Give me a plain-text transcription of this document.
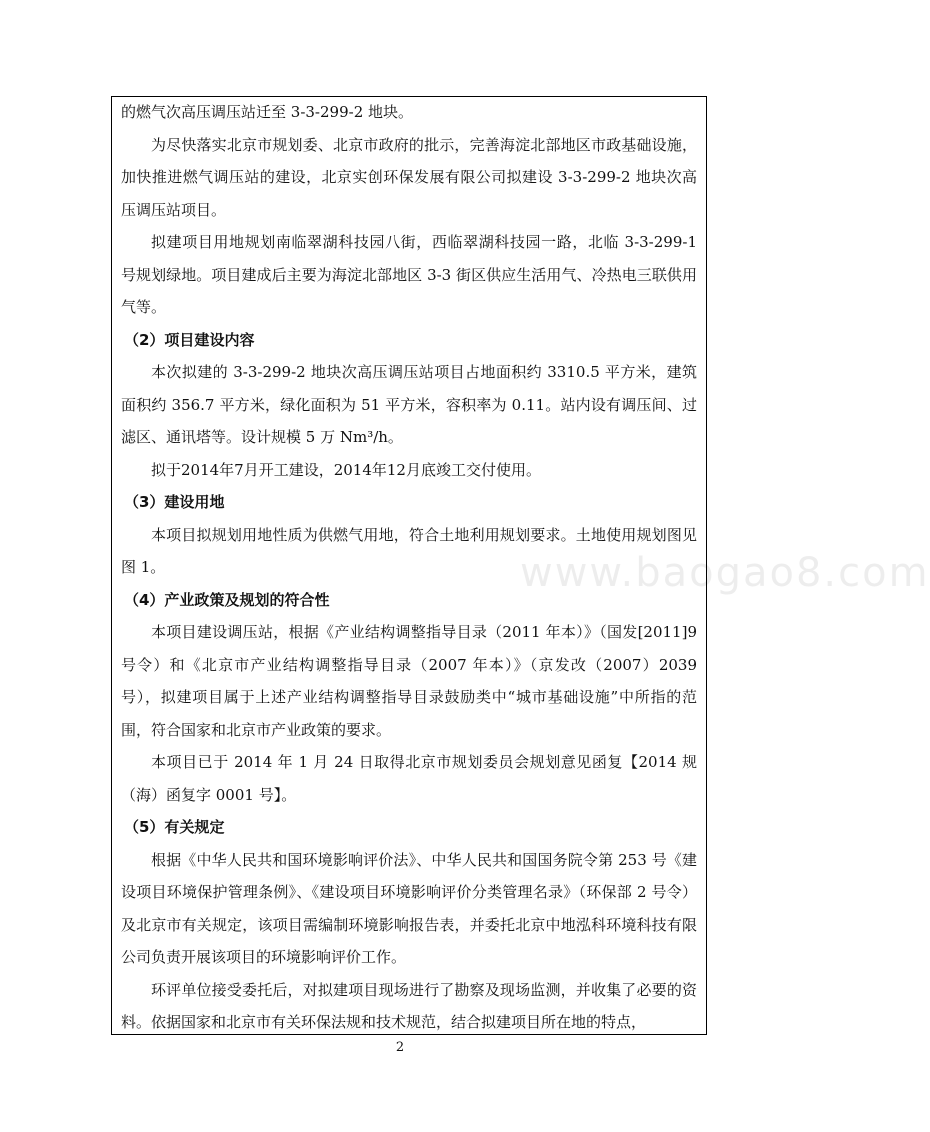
的燃气次高压调压站迁至 3-3-299-2 地块。

为尽快落实北京市规划委、北京市政府的批示，完善海淀北部地区市政基础设施，加快推进燃气调压站的建设，北京实创环保发展有限公司拟建设 3-3-299-2 地块次高压调压站项目。

拟建项目用地规划南临翠湖科技园八街，西临翠湖科技园一路，北临 3-3-299-1 号规划绿地。项目建成后主要为海淀北部地区 3-3 街区供应生活用气、冷热电三联供用气等。

（2）项目建设内容

本次拟建的 3-3-299-2 地块次高压调压站项目占地面积约 3310.5 平方米，建筑面积约 356.7 平方米，绿化面积为 51 平方米，容积率为 0.11。站内设有调压间、过滤区、通讯塔等。设计规模 5 万 Nm³/h。

拟于2014年7月开工建设，2014年12月底竣工交付使用。

（3）建设用地

本项目拟规划用地性质为供燃气用地，符合土地利用规划要求。土地使用规划图见图 1。

（4）产业政策及规划的符合性

本项目建设调压站，根据《产业结构调整指导目录（2011 年本）》（国发[2011]9 号令）和《北京市产业结构调整指导目录（2007 年本）》（京发改（2007）2039 号），拟建项目属于上述产业结构调整指导目录鼓励类中“城市基础设施”中所指的范围，符合国家和北京市产业政策的要求。

本项目已于 2014 年 1 月 24 日取得北京市规划委员会规划意见函复【2014 规（海）函复字 0001 号】。

（5）有关规定

根据《中华人民共和国环境影响评价法》、中华人民共和国国务院令第 253 号《建设项目环境保护管理条例》、《建设项目环境影响评价分类管理名录》（环保部 2 号令）及北京市有关规定，该项目需编制环境影响报告表，并委托北京中地泓科环境科技有限公司负责开展该项目的环境影响评价工作。

环评单位接受委托后，对拟建项目现场进行了勘察及现场监测，并收集了必要的资料。依据国家和北京市有关环保法规和技术规范，结合拟建项目所在地的特点，

www.baogao8.com
2
